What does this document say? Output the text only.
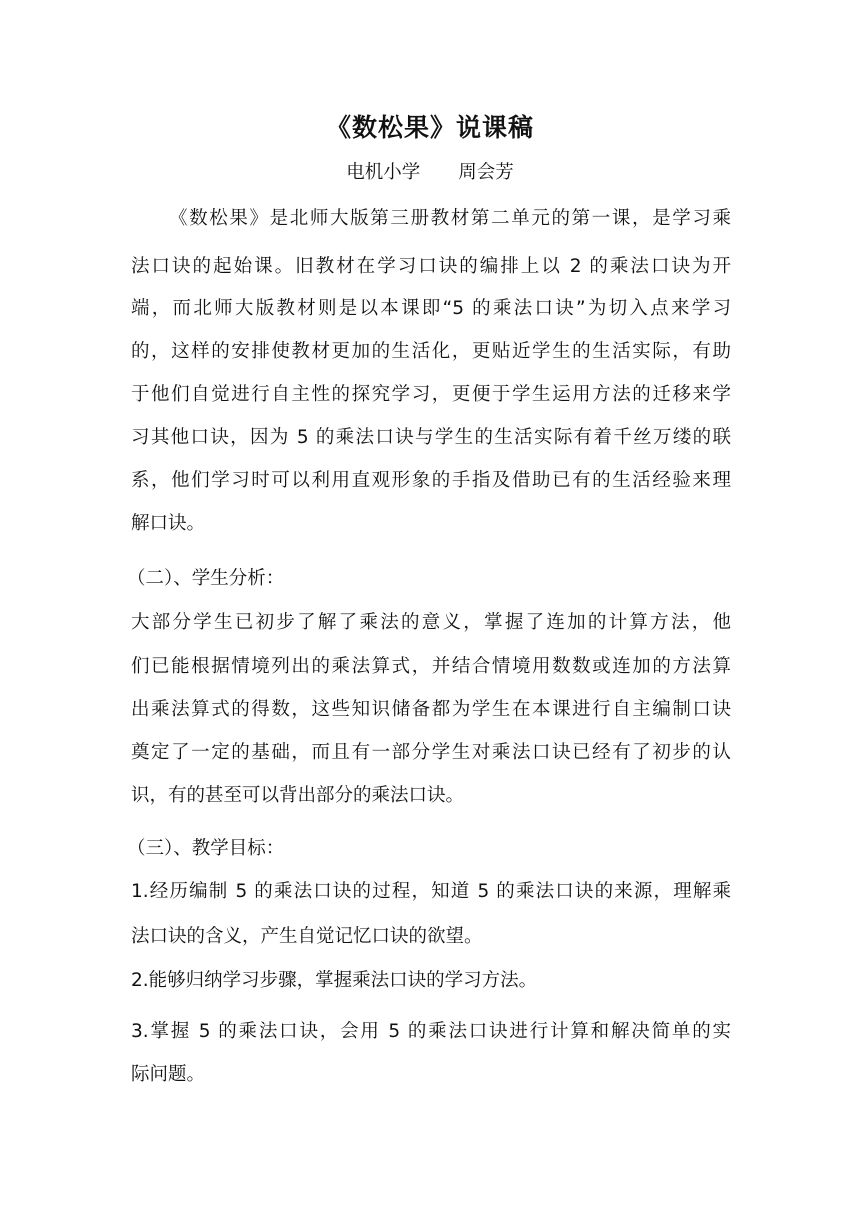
《数松果》说课稿
电机小学 周会芳
《数松果》是北师大版第三册教材第二单元的第一课，是学习乘
法口诀的起始课。旧教材在学习口诀的编排上以 2 的乘法口诀为开
端，而北师大版教材则是以本课即“5 的乘法口诀”为切入点来学习
的，这样的安排使教材更加的生活化，更贴近学生的生活实际，有助
于他们自觉进行自主性的探究学习，更便于学生运用方法的迁移来学
习其他口诀，因为 5 的乘法口诀与学生的生活实际有着千丝万缕的联
系，他们学习时可以利用直观形象的手指及借助已有的生活经验来理
解口诀。
（二）、学生分析：
大部分学生已初步了解了乘法的意义，掌握了连加的计算方法，他
们已能根据情境列出的乘法算式，并结合情境用数数或连加的方法算
出乘法算式的得数，这些知识储备都为学生在本课进行自主编制口诀
奠定了一定的基础，而且有一部分学生对乘法口诀已经有了初步的认
识，有的甚至可以背出部分的乘法口诀。
（三）、教学目标：
1.经历编制 5 的乘法口诀的过程，知道 5 的乘法口诀的来源，理解乘
法口诀的含义，产生自觉记忆口诀的欲望。
2.能够归纳学习步骤，掌握乘法口诀的学习方法。
3.掌握 5 的乘法口诀，会用 5 的乘法口诀进行计算和解决简单的实
际问题。
